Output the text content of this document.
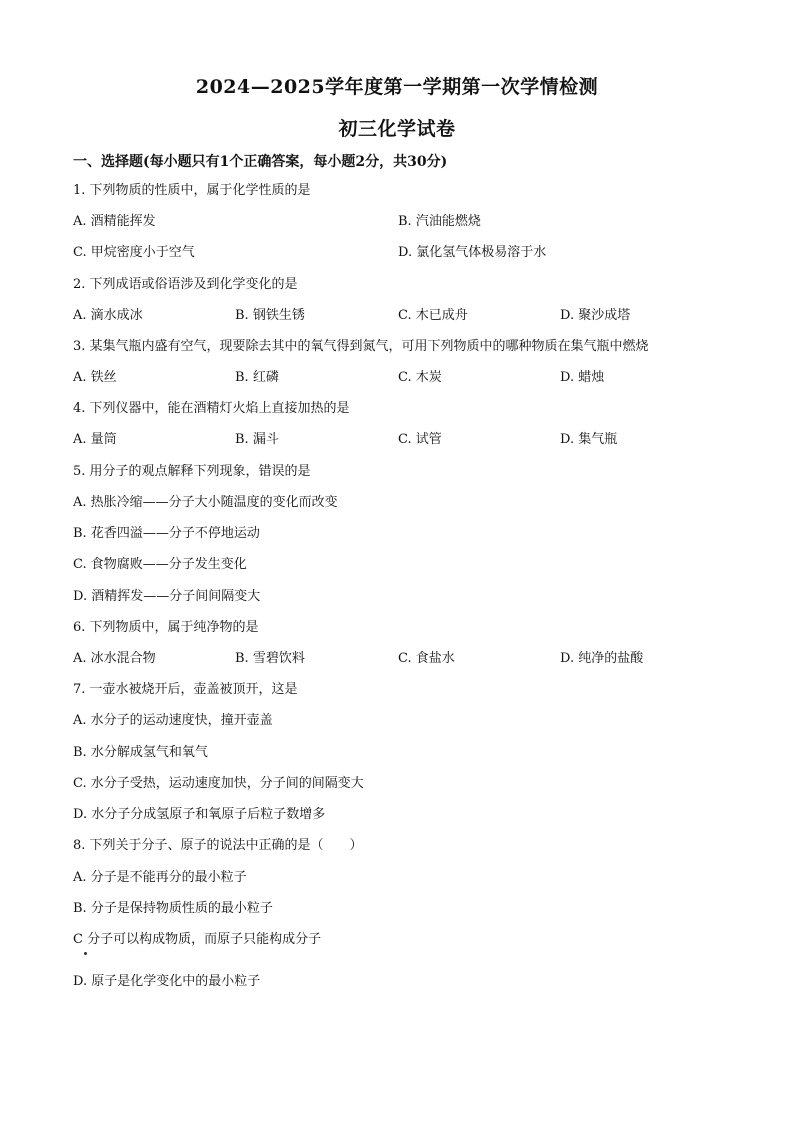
2024—2025学年度第一学期第一次学情检测
初三化学试卷
一、选择题(每小题只有1个正确答案，每小题2分，共30分)
1. 下列物质的性质中，属于化学性质的是
A. 酒精能挥发	B. 汽油能燃烧
C. 甲烷密度小于空气	D. 氯化氢气体极易溶于水
2. 下列成语或俗语涉及到化学变化的是
A. 滴水成冰	B. 钢铁生锈	C. 木已成舟	D. 聚沙成塔
3. 某集气瓶内盛有空气，现要除去其中的氧气得到氮气，可用下列物质中的哪种物质在集气瓶中燃烧
A. 铁丝	B. 红磷	C. 木炭	D. 蜡烛
4. 下列仪器中，能在酒精灯火焰上直接加热的是
A. 量筒	B. 漏斗	C. 试管	D. 集气瓶
5. 用分子的观点解释下列现象，错误的是
A. 热胀冷缩——分子大小随温度的变化而改变
B. 花香四溢——分子不停地运动
C. 食物腐败——分子发生变化
D. 酒精挥发——分子间间隔变大
6. 下列物质中，属于纯净物的是
A. 冰水混合物	B. 雪碧饮料	C. 食盐水	D. 纯净的盐酸
7. 一壶水被烧开后，壶盖被顶开，这是
A. 水分子的运动速度快，撞开壶盖
B. 水分解成氢气和氧气
C. 水分子受热，运动速度加快，分子间的间隔变大
D. 水分子分成氢原子和氧原子后粒子数增多
8. 下列关于分子、原子的说法中正确的是（　　）
A. 分子是不能再分的最小粒子
B. 分子是保持物质性质的最小粒子
C 分子可以构成物质，而原子只能构成分子
D. 原子是化学变化中的最小粒子
